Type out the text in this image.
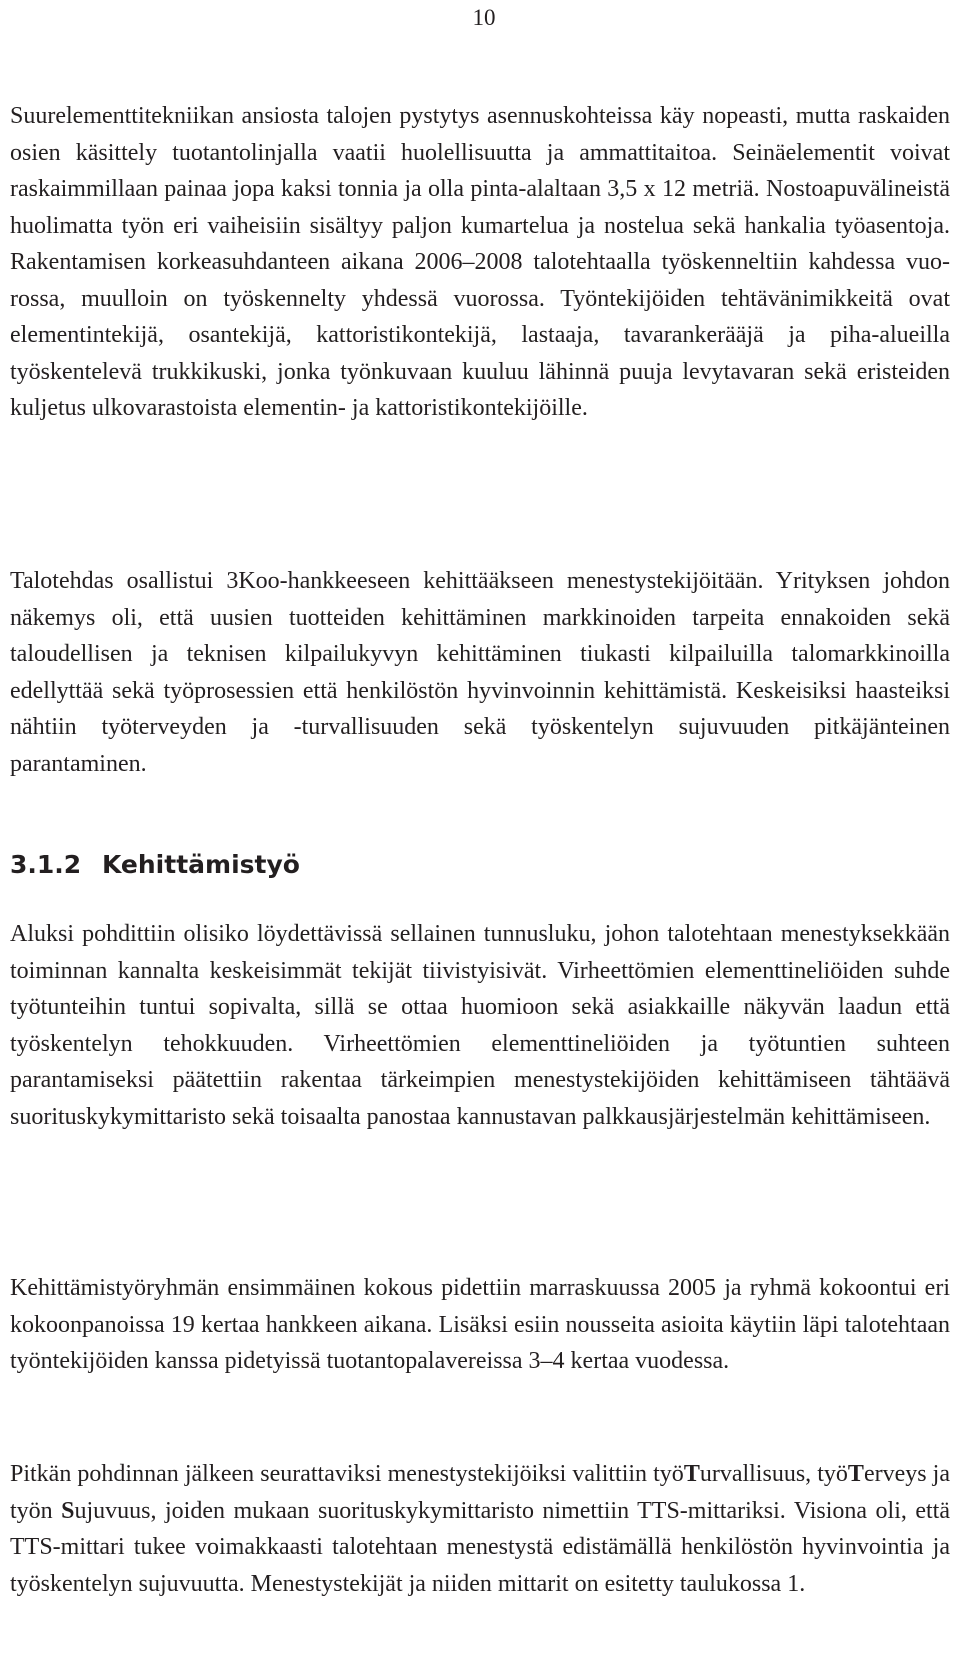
10

Suurelementtitekniikan ansiosta talojen pystytys asennuskohteissa käy nopeasti, mutta raskaiden osien käsittely tuotantolinjalla vaatii huolellisuutta ja ammattitaitoa. Seinäelementit voivat raskaimmillaan painaa jopa kaksi tonnia ja olla pinta-alaltaan 3,5 x 12 metriä. Nostoapuvälineistä huolimatta työn eri vaiheisiin sisältyy paljon kumartelua ja nostelua sekä hankalia työasentoja. Rakentamisen korkeasuhdanteen aikana 2006–2008 talotehtaalla työskenneltiin kahdessa vuorossa, muulloin on työskennelty yhdessä vuorossa. Työntekijöiden tehtävänimikkeitä ovat elementintekijä, osantekijä, kattoristikontekijä, lastaaja, tavarankerääjä ja piha-alueilla työskentelevä trukkikuski, jonka työnkuvaan kuuluu lähinnä puuja levytavaran sekä eristeiden kuljetus ulkovarastoista elementin- ja kattoristikontekijöille.

Talotehdas osallistui 3Koo-hankkeeseen kehittääkseen menestystekijöitään. Yrityksen johdon näkemys oli, että uusien tuotteiden kehittäminen markkinoiden tarpeita ennakoiden sekä taloudellisen ja teknisen kilpailukyvyn kehittäminen tiukasti kilpailuilla talomarkkinoilla edellyttää sekä työprosessien että henkilöstön hyvinvoinnin kehittämistä. Keskeisiksi haasteiksi nähtiin työterveyden ja -turvallisuuden sekä työskentelyn sujuvuuden pitkäjänteinen parantaminen.

3.1.2 Kehittämistyö

Aluksi pohdittiin olisiko löydettävissä sellainen tunnusluku, johon talotehtaan menestyksekkään toiminnan kannalta keskeisimmät tekijät tiivistyisivät. Virheettömien elementtineliöiden suhde työtunteihin tuntui sopivalta, sillä se ottaa huomioon sekä asiakkaille näkyvän laadun että työskentelyn tehokkuuden. Virheettömien elementtineliöiden ja työtuntien suhteen parantamiseksi päätettiin rakentaa tärkeimpien menestystekijöiden kehittämiseen tähtäävä suorituskykymittaristo sekä toisaalta panostaa kannustavan palkkausjärjestelmän kehittämiseen.

Kehittämistyöryhmän ensimmäinen kokous pidettiin marraskuussa 2005 ja ryhmä kokoontui eri kokoonpanoissa 19 kertaa hankkeen aikana. Lisäksi esiin nousseita asioita käytiin läpi talotehtaan työntekijöiden kanssa pidetyissä tuotantopalavereissa 3–4 kertaa vuodessa.

Pitkän pohdinnan jälkeen seurattaviksi menestystekijöiksi valittiin työTurvallisuus, työTerveys ja työn Sujuvuus, joiden mukaan suorituskykymittaristo nimettiin TTS-mittariksi. Visiona oli, että TTS-mittari tukee voimakkaasti talotehtaan menestystä edistämällä henkilöstön hyvinvointia ja työskentelyn sujuvuutta. Menestystekijät ja niiden mittarit on esitetty taulukossa 1.
